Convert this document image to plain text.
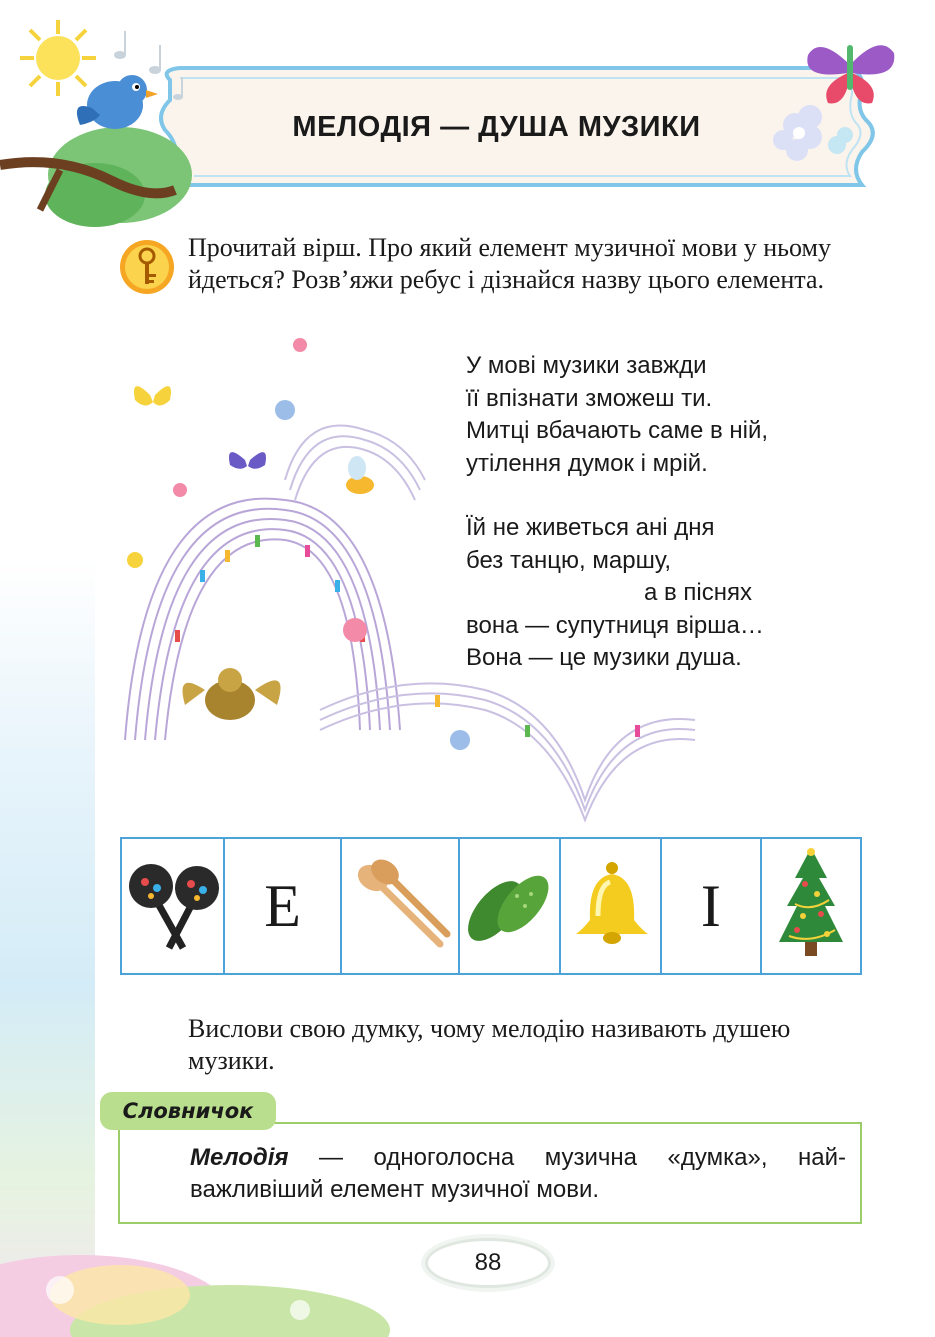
МЕЛОДІЯ — ДУША МУЗИКИ

Прочитай вірш. Про який елемент музичної мови у ньому йдеться? Розв’яжи ребус і дізнайся назву цього елемента.

У мові музики завжди

її впізнати зможеш ти.

Митці вбачають саме в ній,

утілення думок і мрій.

Їй не живеться ані дня

без танцю, маршу,

а в піснях

вона — супутниця вірша…

Вона — це музики душа.

Е	І

Вислови свою думку, чому мелодію називають душею музики.

Словничок

Мелодія — одноголосна музична «думка», найважливіший елемент музичної мови.

88
